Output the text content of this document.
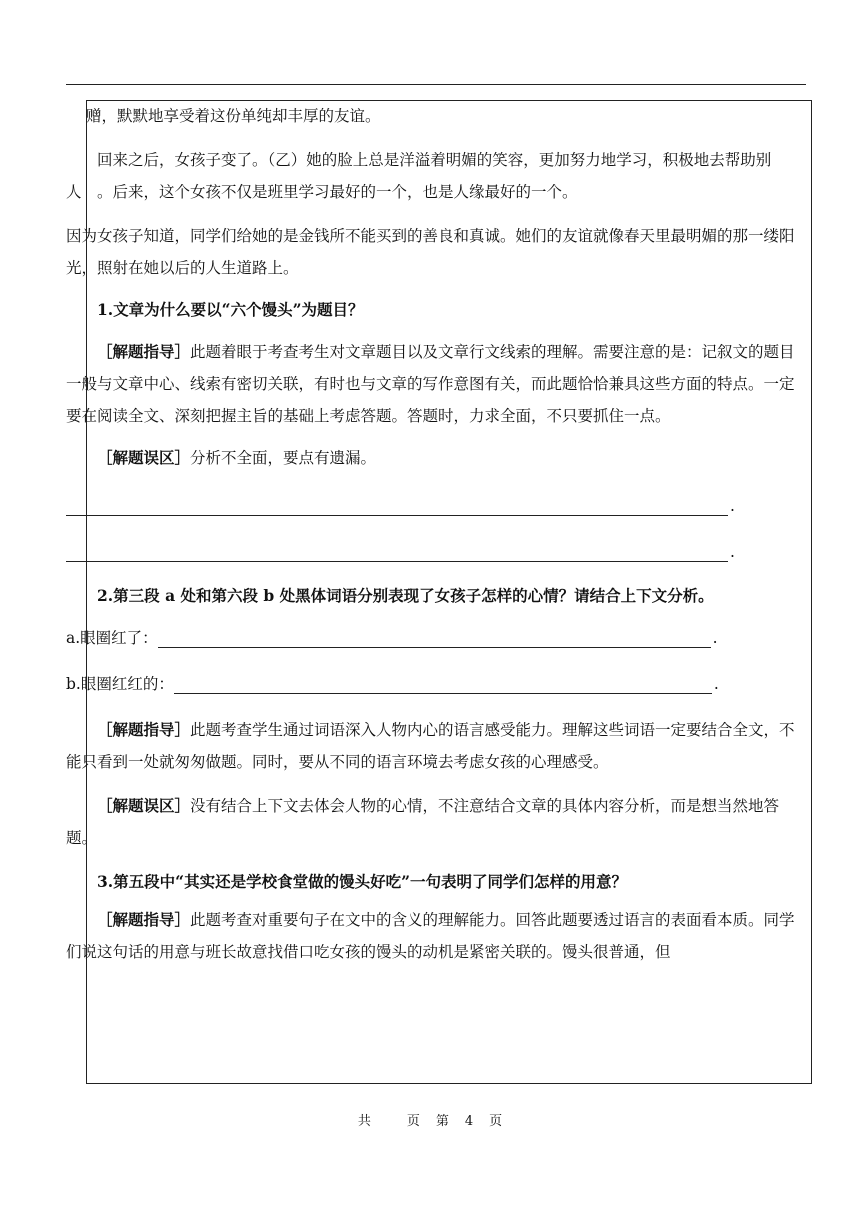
赠，默默地享受着这份单纯却丰厚的友谊。

回来之后，女孩子变了。（乙）她的脸上总是洋溢着明媚的笑容，更加努力地学习，积极地去帮助别人　。后来，这个女孩不仅是班里学习最好的一个，也是人缘最好的一个。

因为女孩子知道，同学们给她的是金钱所不能买到的善良和真诚。她们的友谊就像春天里最明媚的那一缕阳光，照射在她以后的人生道路上。

1.文章为什么要以“六个馒头”为题目？

［解题指导］此题着眼于考查考生对文章题目以及文章行文线索的理解。需要注意的是：记叙文的题目一般与文章中心、线索有密切关联，有时也与文章的写作意图有关，而此题恰恰兼具这些方面的特点。一定要在阅读全文、深刻把握主旨的基础上考虑答题。答题时，力求全面，不只要抓住一点。

［解题误区］分析不全面，要点有遗漏。

.
.

2.第三段 a 处和第六段 b 处黑体词语分别表现了女孩子怎样的心情？请结合上下文分析。

a.眼圈红了：	.
b.眼圈红红的：	.

［解题指导］此题考查学生通过词语深入人物内心的语言感受能力。理解这些词语一定要结合全文，不能只看到一处就匆匆做题。同时，要从不同的语言环境去考虑女孩的心理感受。

［解题误区］没有结合上下文去体会人物的心情，不注意结合文章的具体内容分析，而是想当然地答题。

3.第五段中“其实还是学校食堂做的馒头好吃”一句表明了同学们怎样的用意？

［解题指导］此题考查对重要句子在文中的含义的理解能力。回答此题要透过语言的表面看本质。同学们说这句话的用意与班长故意找借口吃女孩的馒头的动机是紧密关联的。馒头很普通，但

共	页 第 4 页
